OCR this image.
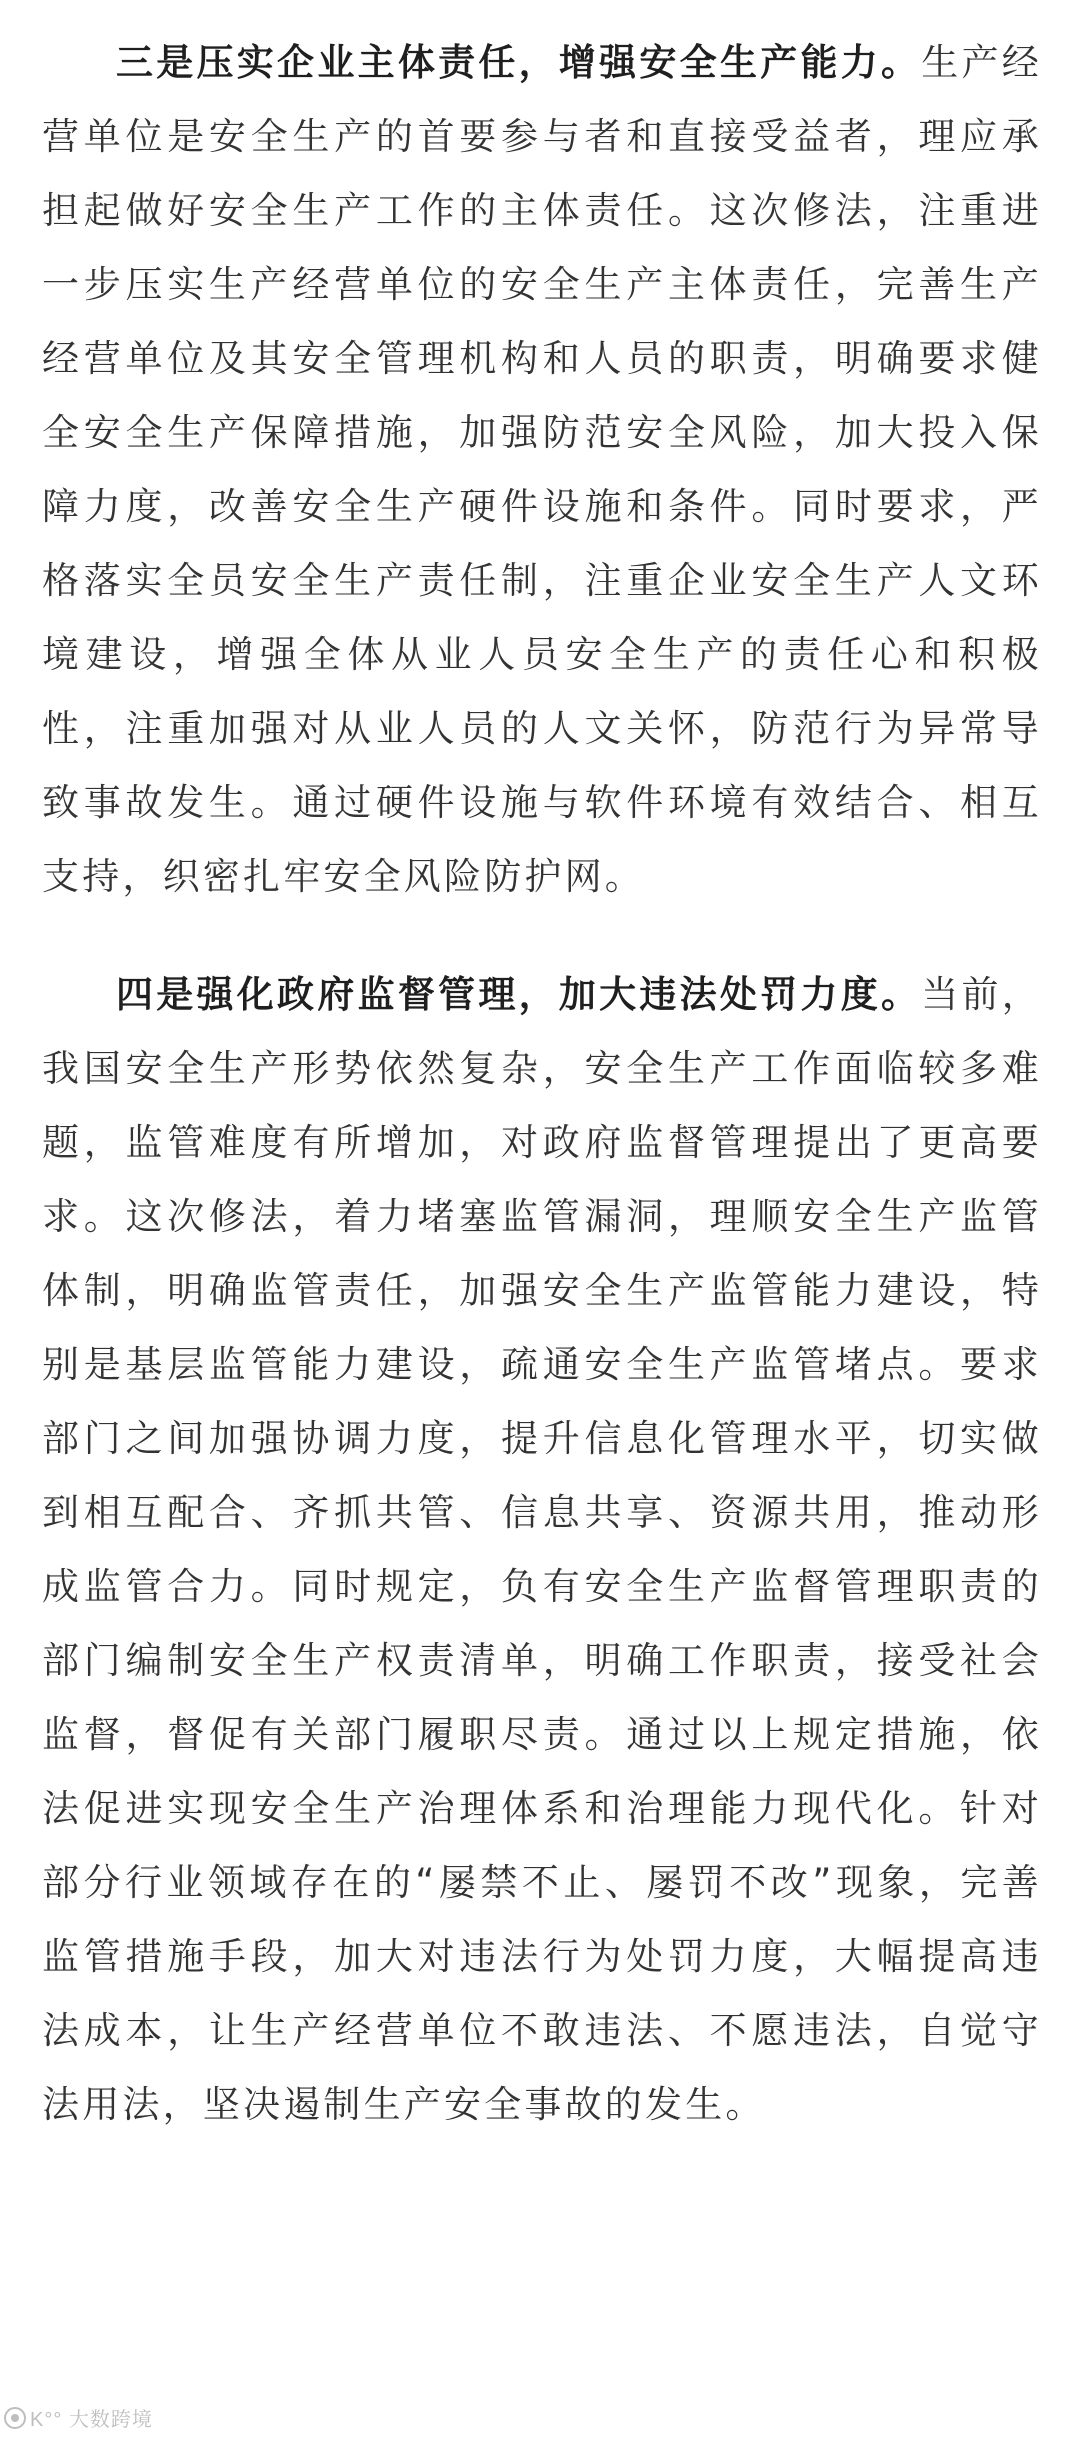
三是压实企业主体责任，增强安全生产能力。生产经营单位是安全生产的首要参与者和直接受益者，理应承担起做好安全生产工作的主体责任。这次修法，注重进一步压实生产经营单位的安全生产主体责任，完善生产经营单位及其安全管理机构和人员的职责，明确要求健全安全生产保障措施，加强防范安全风险，加大投入保障力度，改善安全生产硬件设施和条件。同时要求，严格落实全员安全生产责任制，注重企业安全生产人文环境建设，增强全体从业人员安全生产的责任心和积极性，注重加强对从业人员的人文关怀，防范行为异常导致事故发生。通过硬件设施与软件环境有效结合、相互支持，织密扎牢安全风险防护网。

四是强化政府监督管理，加大违法处罚力度。当前，我国安全生产形势依然复杂，安全生产工作面临较多难题，监管难度有所增加，对政府监督管理提出了更高要求。这次修法，着力堵塞监管漏洞，理顺安全生产监管体制，明确监管责任，加强安全生产监管能力建设，特别是基层监管能力建设，疏通安全生产监管堵点。要求部门之间加强协调力度，提升信息化管理水平，切实做到相互配合、齐抓共管、信息共享、资源共用，推动形成监管合力。同时规定，负有安全生产监督管理职责的部门编制安全生产权责清单，明确工作职责，接受社会监督，督促有关部门履职尽责。通过以上规定措施，依法促进实现安全生产治理体系和治理能力现代化。针对部分行业领域存在的“屡禁不止、屡罚不改”现象，完善监管措施手段，加大对违法行为处罚力度，大幅提高违法成本，让生产经营单位不敢违法、不愿违法，自觉守法用法，坚决遏制生产安全事故的发生。

K°° 大数跨境
